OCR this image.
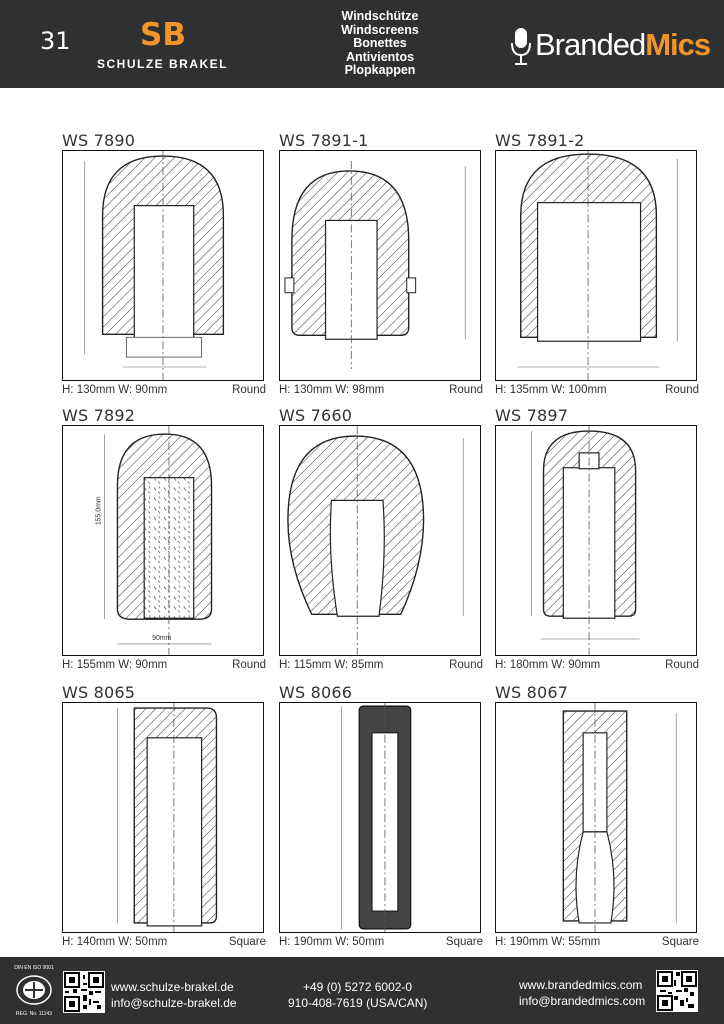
31 SB
SCHULZE BRAKEL
Windschütze
Windscreens
Bonettes
Antivientos
Plopkappen
BrandedMics
WS 7890
H: 130mm W: 90mm	Round
WS 7891-1
H: 130mm W: 98mm	Round
WS 7891-2
H: 135mm W: 100mm	Round
WS 7892
155.0mm
90mm
H: 155mm W: 90mm	Round
WS 7660
H: 115mm W: 85mm	Round
WS 7897
H: 180mm W: 90mm	Round
WS 8065
H: 140mm W: 50mm	Square
WS 8066
H: 190mm W: 50mm	Square
WS 8067
H: 190mm W: 55mm	Square
DIN EN ISO 9001
REG. No. 11143
www.schulze-brakel.de
info@schulze-brakel.de
+49 (0) 5272 6002-0
910-408-7619 (USA/CAN)
www.brandedmics.com
info@brandedmics.com
